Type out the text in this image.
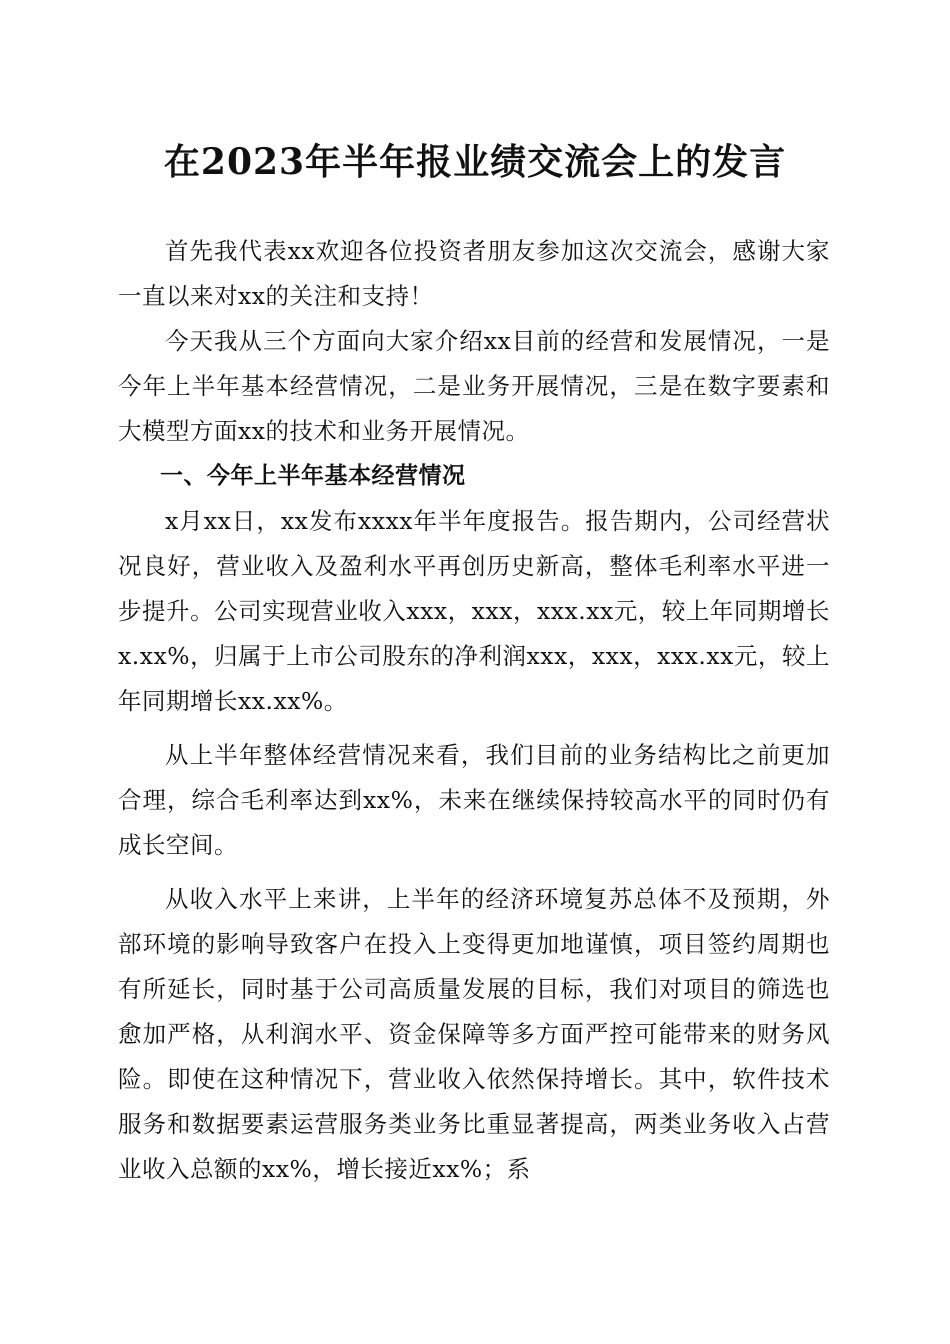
在2023年半年报业绩交流会上的发言

首先我代表xx欢迎各位投资者朋友参加这次交流会，感谢大家一直以来对xx的关注和支持！

今天我从三个方面向大家介绍xx目前的经营和发展情况，一是今年上半年基本经营情况，二是业务开展情况，三是在数字要素和大模型方面xx的技术和业务开展情况。

一、今年上半年基本经营情况

x月xx日，xx发布xxxx年半年度报告。报告期内，公司经营状况良好，营业收入及盈利水平再创历史新高，整体毛利率水平进一步提升。公司实现营业收入xxx，xxx，xxx.xx元，较上年同期增长x.xx%，归属于上市公司股东的净利润xxx，xxx，xxx.xx元，较上年同期增长xx.xx%。

从上半年整体经营情况来看，我们目前的业务结构比之前更加合理，综合毛利率达到xx%，未来在继续保持较高水平的同时仍有成长空间。

从收入水平上来讲，上半年的经济环境复苏总体不及预期，外部环境的影响导致客户在投入上变得更加地谨慎，项目签约周期也有所延长，同时基于公司高质量发展的目标，我们对项目的筛选也愈加严格，从利润水平、资金保障等多方面严控可能带来的财务风险。即使在这种情况下，营业收入依然保持增长。其中，软件技术服务和数据要素运营服务类业务比重显著提高，两类业务收入占营业收入总额的xx%，增长接近xx%；系
